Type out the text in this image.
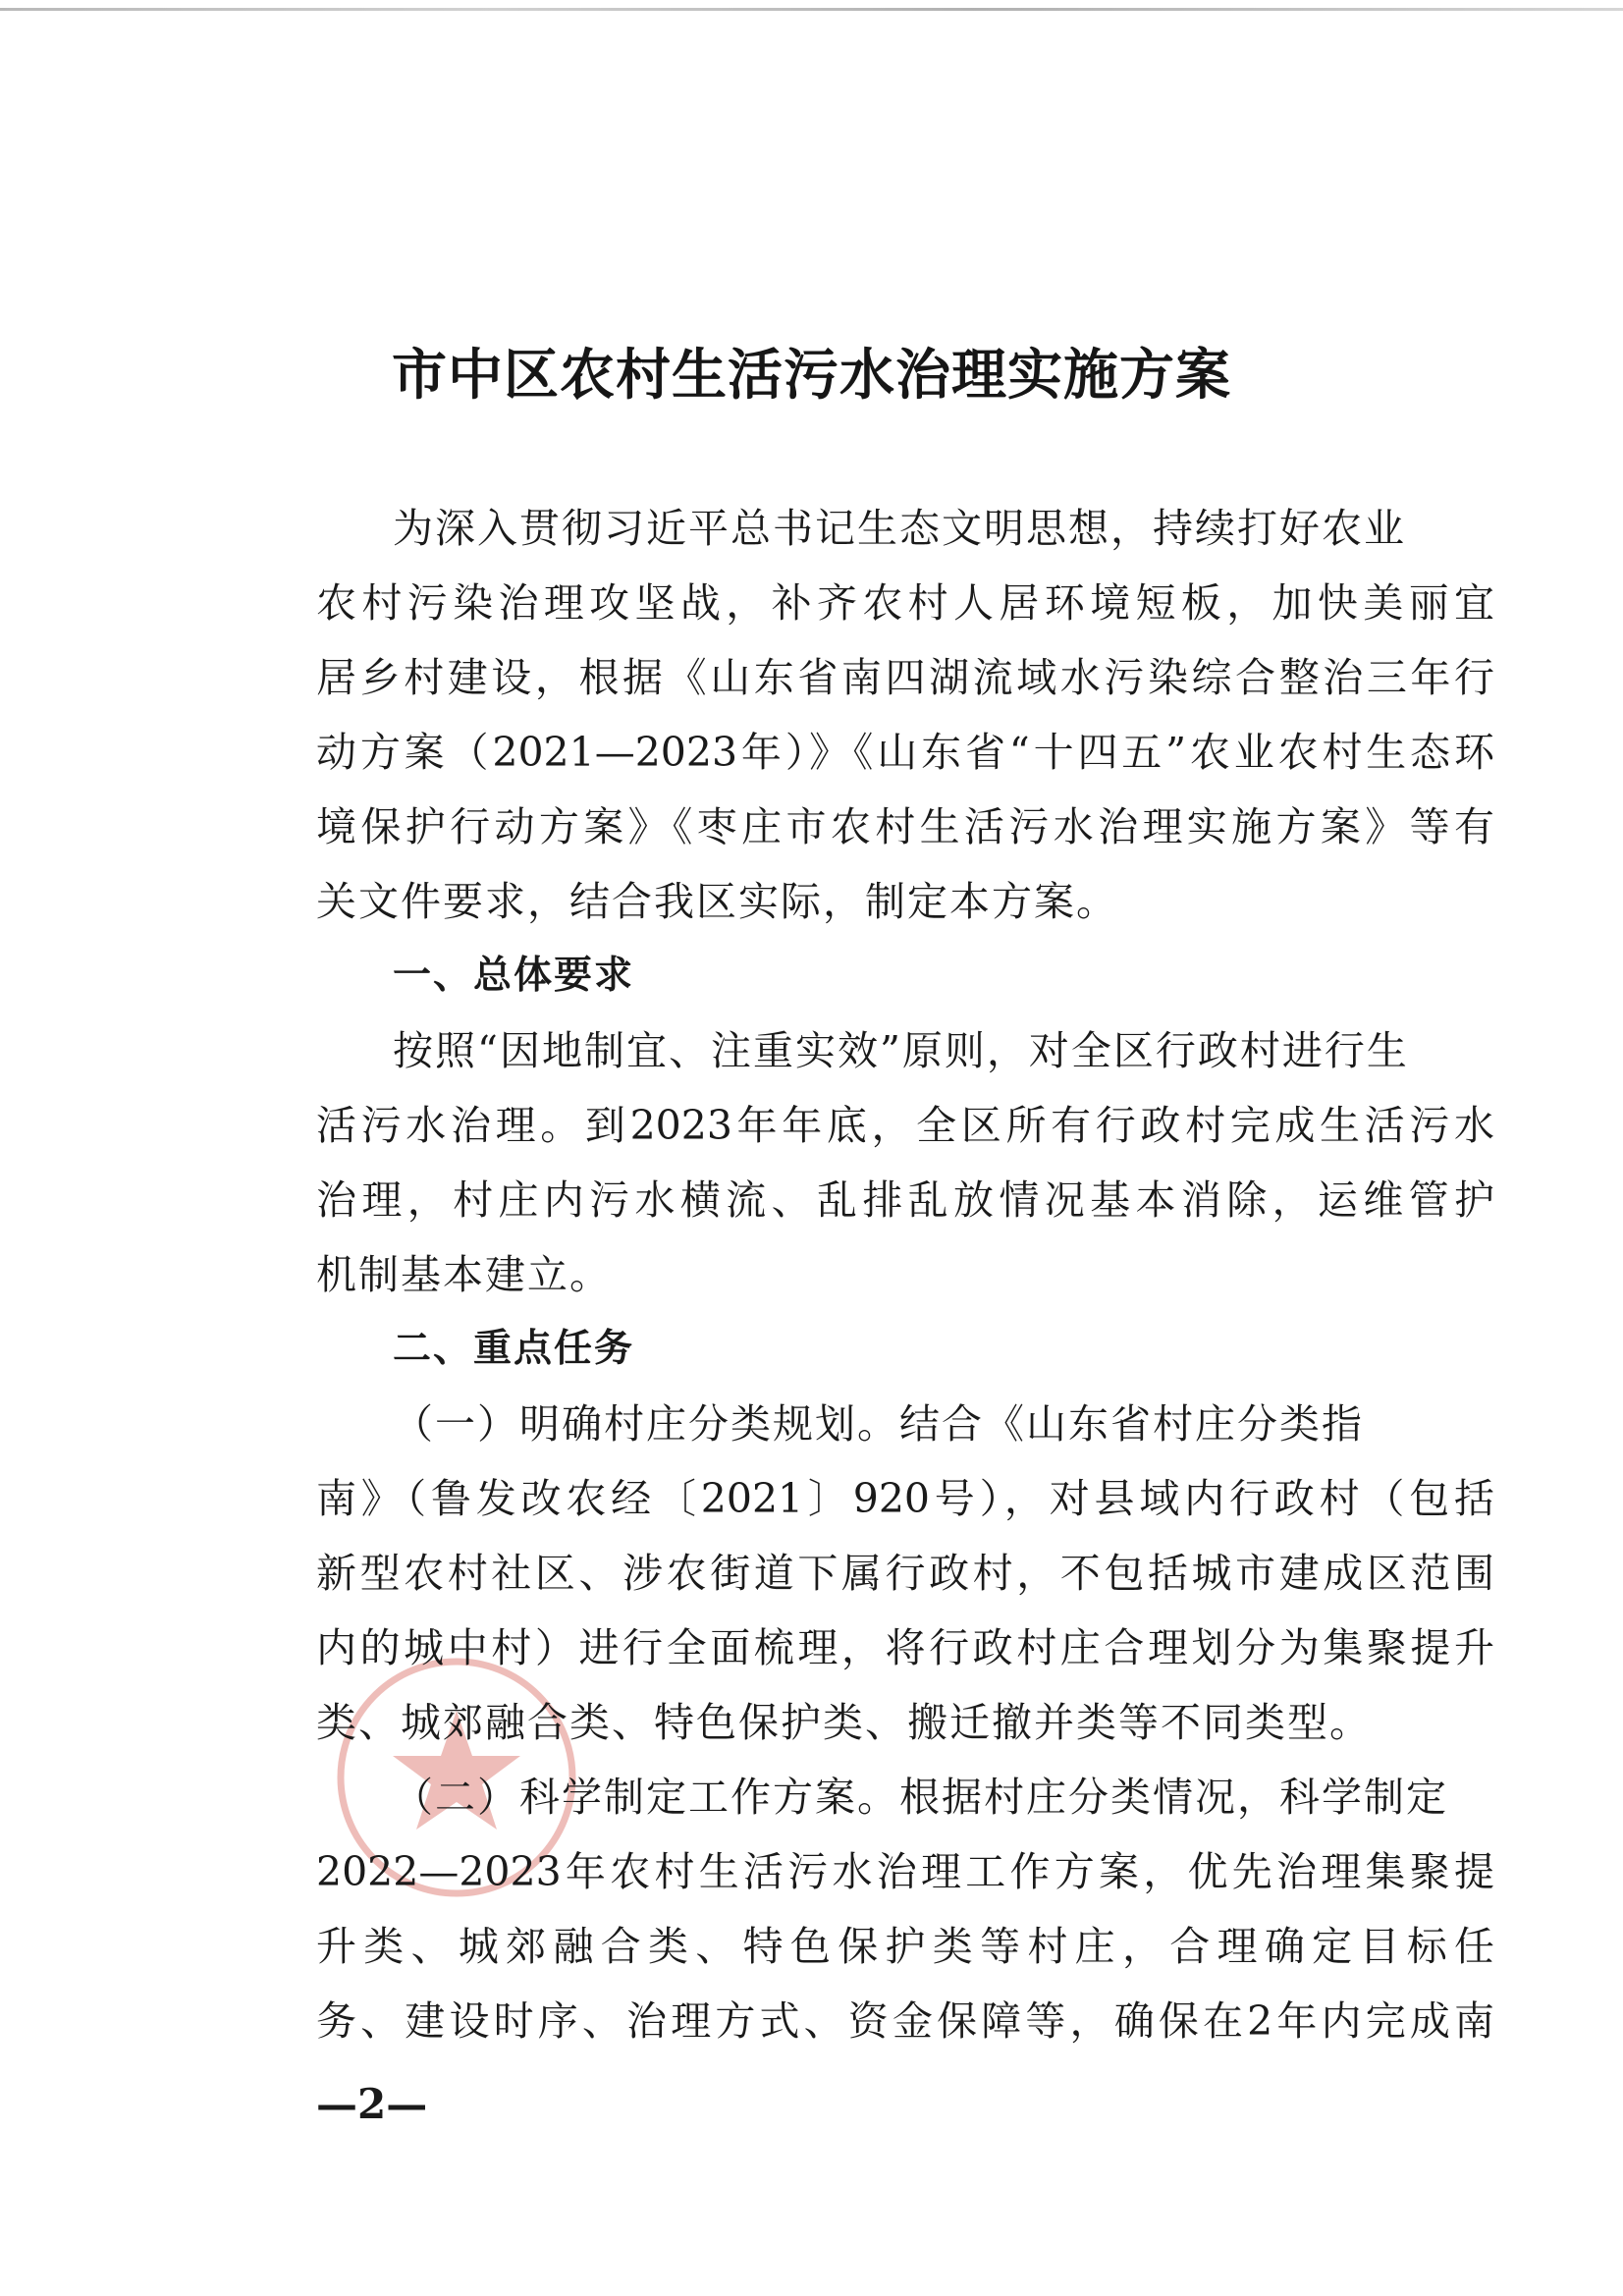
市中区农村生活污水治理实施方案
为深入贯彻习近平总书记生态文明思想，持续打好农业
农村污染治理攻坚战，补齐农村人居环境短板，加快美丽宜
居乡村建设，根据《山东省南四湖流域水污染综合整治三年行
动方案（2021—2023年）》《山东省“十四五”农业农村生态环
境保护行动方案》《枣庄市农村生活污水治理实施方案》等有
关文件要求，结合我区实际，制定本方案。
一、总体要求
按照“因地制宜、注重实效”原则，对全区行政村进行生
活污水治理。到2023年年底，全区所有行政村完成生活污水
治理，村庄内污水横流、乱排乱放情况基本消除，运维管护
机制基本建立。
二、重点任务
（一）明确村庄分类规划。结合《山东省村庄分类指
南》（鲁发改农经〔2021〕920号），对县域内行政村（包括
新型农村社区、涉农街道下属行政村，不包括城市建成区范围
内的城中村）进行全面梳理，将行政村庄合理划分为集聚提升
类、城郊融合类、特色保护类、搬迁撤并类等不同类型。
（二）科学制定工作方案。根据村庄分类情况，科学制定
2022—2023年农村生活污水治理工作方案，优先治理集聚提
升类、城郊融合类、特色保护类等村庄，合理确定目标任
务、建设时序、治理方式、资金保障等，确保在2年内完成南
—2—
